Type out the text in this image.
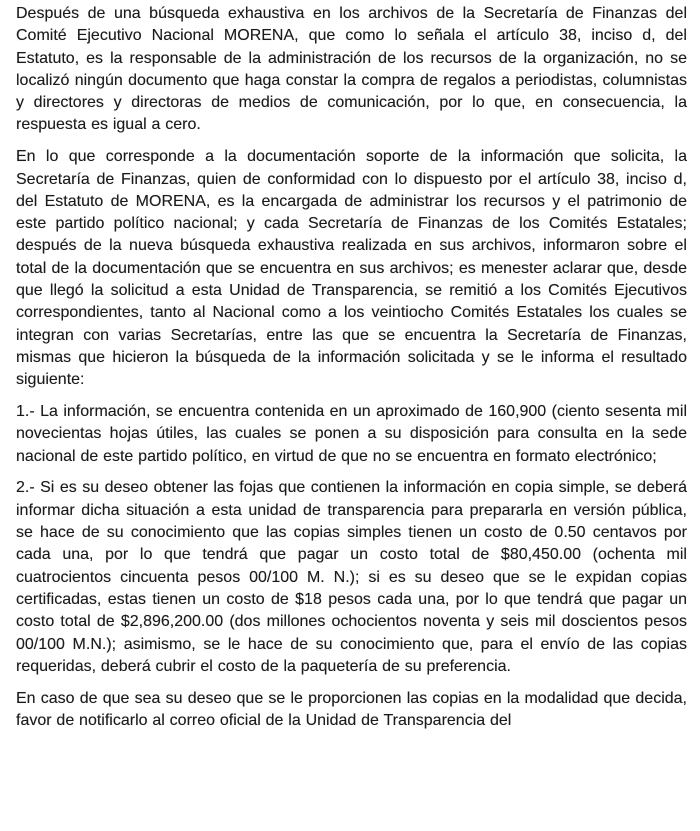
Después de una búsqueda exhaustiva en los archivos de la Secretaría de Finanzas del Comité Ejecutivo Nacional MORENA, que como lo señala el artículo 38, inciso d, del Estatuto, es la responsable de la administración de los recursos de la organización, no se localizó ningún documento que haga constar la compra de regalos a periodistas, columnistas y directores y directoras de medios de comunicación, por lo que, en consecuencia, la respuesta es igual a cero.

En lo que corresponde a la documentación soporte de la información que solicita, la Secretaría de Finanzas, quien de conformidad con lo dispuesto por el artículo 38, inciso d, del Estatuto de MORENA, es la encargada de administrar los recursos y el patrimonio de este partido político nacional; y cada Secretaría de Finanzas de los Comités Estatales; después de la nueva búsqueda exhaustiva realizada en sus archivos, informaron sobre el total de la documentación que se encuentra en sus archivos; es menester aclarar que, desde que llegó la solicitud a esta Unidad de Transparencia, se remitió a los Comités Ejecutivos correspondientes, tanto al Nacional como a los veintiocho Comités Estatales los cuales se integran con varias Secretarías, entre las que se encuentra la Secretaría de Finanzas, mismas que hicieron la búsqueda de la información solicitada y se le informa el resultado siguiente:

1.- La información, se encuentra contenida en un aproximado de 160,900 (ciento sesenta mil novecientas hojas útiles, las cuales se ponen a su disposición para consulta en la sede nacional de este partido político, en virtud de que no se encuentra en formato electrónico;

2.- Si es su deseo obtener las fojas que contienen la información en copia simple, se deberá informar dicha situación a esta unidad de transparencia para prepararla en versión pública, se hace de su conocimiento que las copias simples tienen un costo de 0.50 centavos por cada una, por lo que tendrá que pagar un costo total de $80,450.00 (ochenta mil cuatrocientos cincuenta pesos 00/100 M. N.); si es su deseo que se le expidan copias certificadas, estas tienen un costo de $18 pesos cada una, por lo que tendrá que pagar un costo total de $2,896,200.00 (dos millones ochocientos noventa y seis mil doscientos pesos 00/100 M.N.); asimismo, se le hace de su conocimiento que, para el envío de las copias requeridas, deberá cubrir el costo de la paquetería de su preferencia.

En caso de que sea su deseo que se le proporcionen las copias en la modalidad que decida, favor de notificarlo al correo oficial de la Unidad de Transparencia del
